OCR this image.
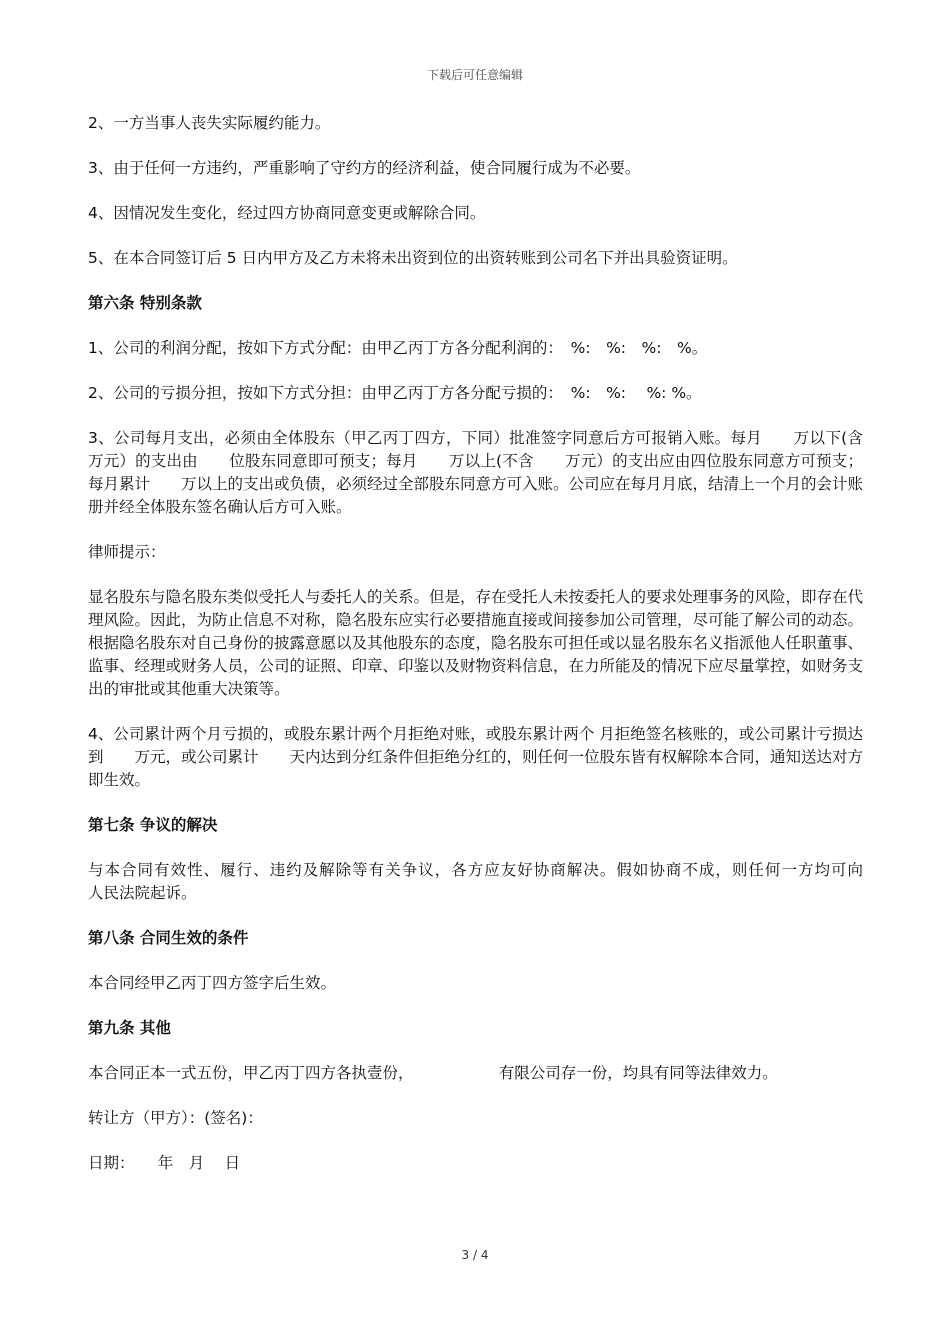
下载后可任意编辑

2、一方当事人丧失实际履约能力。

3、由于任何一方违约，严重影响了守约方的经济利益，使合同履行成为不必要。

4、因情况发生变化，经过四方协商同意变更或解除合同。

5、在本合同签订后 5 日内甲方及乙方未将未出资到位的出资转账到公司名下并出具验资证明。

第六条 特别条款

1、公司的利润分配，按如下方式分配：由甲乙丙丁方各分配利润的：　%:　%:　%:　%。

2、公司的亏损分担，按如下方式分担：由甲乙丙丁方各分配亏损的：　%:　%:　 %: %。

3、公司每月支出，必须由全体股东（甲乙丙丁四方，下同）批准签字同意后方可报销入账。每月　　万以下(含　　万元）的支出由　　位股东同意即可预支；每月　　万以上(不含　　万元）的支出应由四位股东同意方可预支；每月累计　　万以上的支出或负债，必须经过全部股东同意方可入账。公司应在每月月底，结清上一个月的会计账册并经全体股东签名确认后方可入账。

律师提示：

显名股东与隐名股东类似受托人与委托人的关系。但是，存在受托人未按委托人的要求处理事务的风险，即存在代理风险。因此，为防止信息不对称，隐名股东应实行必要措施直接或间接参加公司管理，尽可能了解公司的动态。根据隐名股东对自己身份的披露意愿以及其他股东的态度，隐名股东可担任或以显名股东名义指派他人任职董事、监事、经理或财务人员，公司的证照、印章、印鉴以及财物资料信息，在力所能及的情况下应尽量掌控，如财务支出的审批或其他重大决策等。

4、公司累计两个月亏损的，或股东累计两个月拒绝对账，或股东累计两个 月拒绝签名核账的，或公司累计亏损达到　　万元，或公司累计　　天内达到分红条件但拒绝分红的，则任何一位股东皆有权解除本合同，通知送达对方即生效。

第七条 争议的解决

与本合同有效性、履行、违约及解除等有关争议，各方应友好协商解决。假如协商不成，则任何一方均可向　　　　人民法院起诉。

第八条 合同生效的条件

本合同经甲乙丙丁四方签字后生效。

第九条 其他

本合同正本一式五份，甲乙丙丁四方各执壹份，　　　　　　有限公司存一份，均具有同等法律效力。

转让方（甲方）：(签名)：

日期：　　年　月　 日

3 / 4
